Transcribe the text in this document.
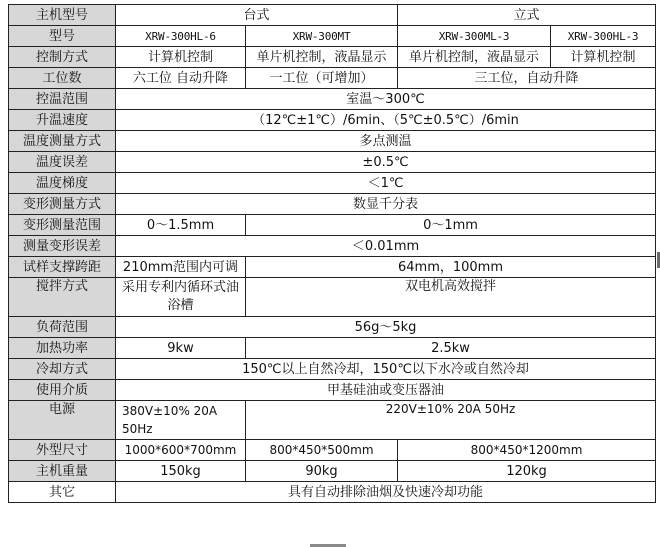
主机型号	台式		立式	
型号	XRW-300HL-6	XRW-300MT	XRW-300ML-3	XRW-300HL-3
控制方式	计算机控制	单片机控制，液晶显示	单片机控制，液晶显示	计算机控制
工位数	六工位 自动升降	一工位（可增加）	三工位，自动升降	
控温范围	室温～300℃			
升温速度	（12℃±1℃）/6min、（5℃±0.5℃）/6min			
温度测量方式	多点测温			
温度误差	±0.5℃			
温度梯度	＜1℃			
变形测量方式	数显千分表			
变形测量范围	0～1.5mm	0～1mm		
测量变形误差	＜0.01mm			
试样支撑跨距	210mm范围内可调	64mm，100mm		
搅拌方式	采用专利内循环式油浴槽	双电机高效搅拌		
负荷范围	56g～5kg			
加热功率	9kw	2.5kw		
冷却方式	150℃以上自然冷却，150℃以下水冷或自然冷却			
使用介质	甲基硅油或变压器油			
电源	380V±10% 20A 50Hz	220V±10% 20A 50Hz		
外型尺寸	1000*600*700mm	800*450*500mm	800*450*1200mm	
主机重量	150kg	90kg	120kg	
其它	具有自动排除油烟及快速冷却功能			
